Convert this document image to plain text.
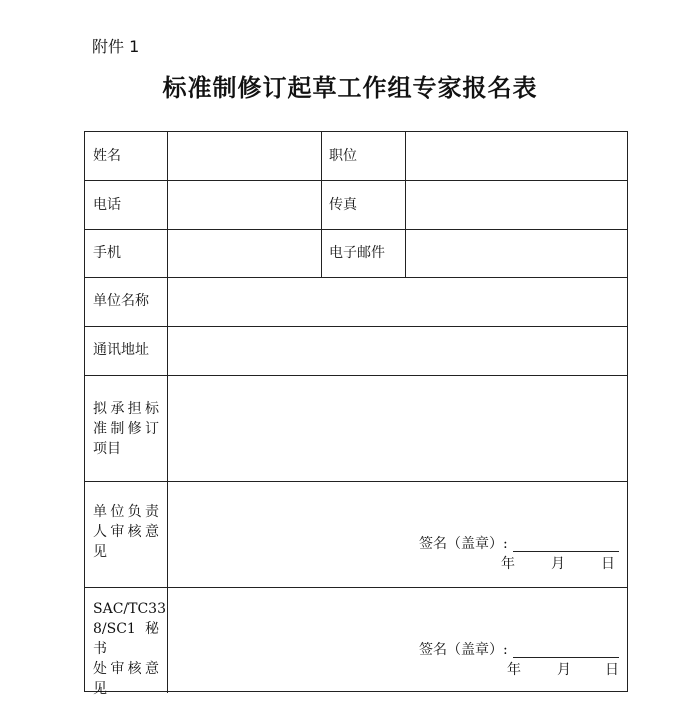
附件 1
标准制修订起草工作组专家报名表
姓名	职位
电话	传真
手机	电子邮件
单位名称
通讯地址
拟承担标
准制修订
项目
单位负责
人审核意
见	签名（盖章）:
年	月	日
SAC/TC33
8/SC1 秘书
处审核意
见
签名（盖章）:
年	月 日
